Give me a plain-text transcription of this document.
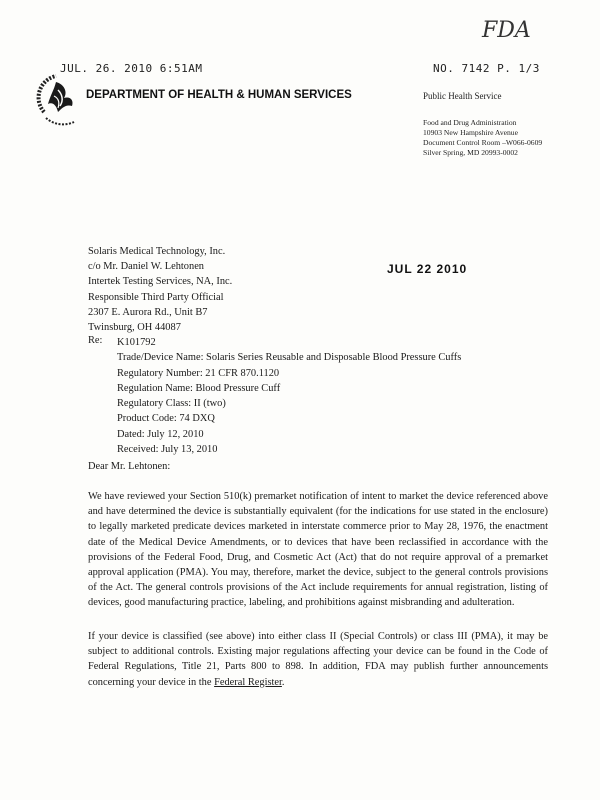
FDA
JUL. 26. 2010 6:51AM	NO. 7142 P. 1/3
DEPARTMENT OF HEALTH & HUMAN SERVICES	Public Health Service
Food and Drug Administration
10903 New Hampshire Avenue
Document Control Room –W066-0609
Silver Spring, MD 20993-0002
JUL 22 2010
Solaris Medical Technology, Inc.
c/o Mr. Daniel W. Lehtonen
Intertek Testing Services, NA, Inc.
Responsible Third Party Official
2307 E. Aurora Rd., Unit B7
Twinsburg, OH 44087
Re: K101792
Trade/Device Name: Solaris Series Reusable and Disposable Blood Pressure Cuffs
Regulatory Number: 21 CFR 870.1120
Regulation Name: Blood Pressure Cuff
Regulatory Class: II (two)
Product Code: 74 DXQ
Dated: July 12, 2010
Received: July 13, 2010
Dear Mr. Lehtonen:
We have reviewed your Section 510(k) premarket notification of intent to market the device referenced above and have determined the device is substantially equivalent (for the indications for use stated in the enclosure) to legally marketed predicate devices marketed in interstate commerce prior to May 28, 1976, the enactment date of the Medical Device Amendments, or to devices that have been reclassified in accordance with the provisions of the Federal Food, Drug, and Cosmetic Act (Act) that do not require approval of a premarket approval application (PMA). You may, therefore, market the device, subject to the general controls provisions of the Act. The general controls provisions of the Act include requirements for annual registration, listing of devices, good manufacturing practice, labeling, and prohibitions against misbranding and adulteration.
If your device is classified (see above) into either class II (Special Controls) or class III (PMA), it may be subject to additional controls. Existing major regulations affecting your device can be found in the Code of Federal Regulations, Title 21, Parts 800 to 898. In addition, FDA may publish further announcements concerning your device in the Federal Register.
